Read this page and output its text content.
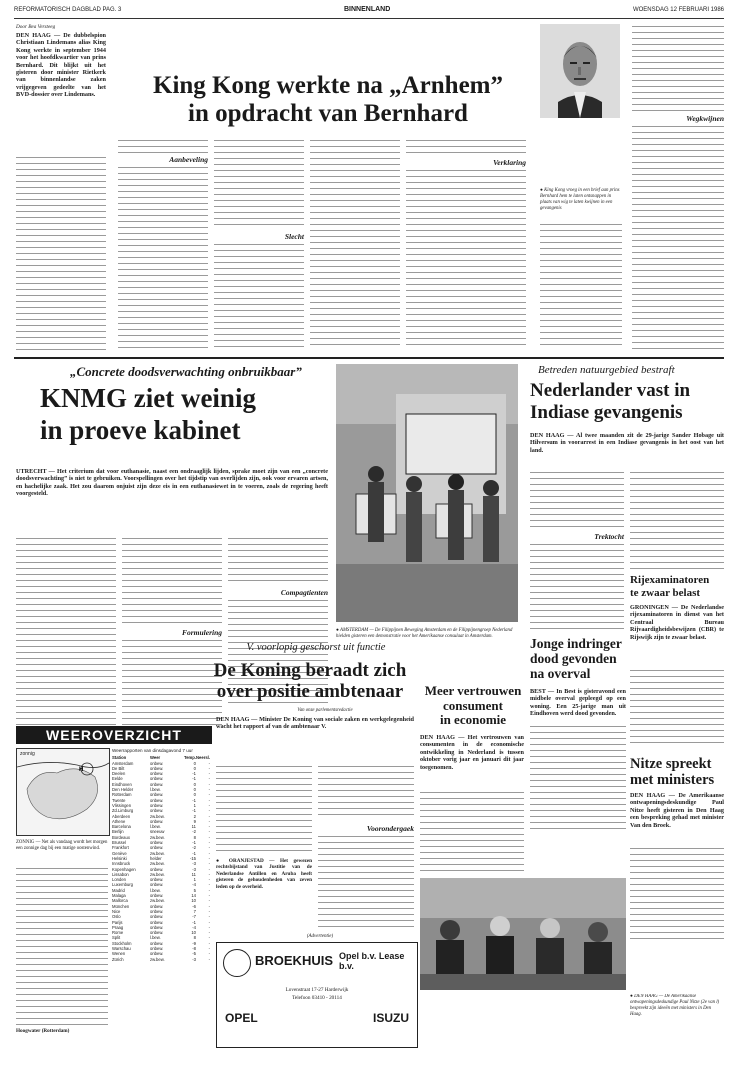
REFORMATORISCH DAGBLAD PAG. 3	BINNENLAND	WOENSDAG 12 FEBRUARI 1986
Door Bea Versteeg
DEN HAAG — De dubbelspion Christiaan Lindemans alias King Kong werkte in september 1944 voor het hoofdkwartier van prins Bernhard. Dit blijkt uit het gisteren door minister Rietkerk van binnenlandse zaken vrijgegeven gedeelte van het BVD-dossier over Lindemans.	King Kong werkte na „Arnhem”
in opdracht van Bernhard
Aanbeveling
Slecht
Verklaring
● King Kong vroeg in een brief aan prins Bernhard hem te laten ontsnappen in plaats van wig te laten kwijnen in een gevangenis
Wegkwijnen
„Concrete doodsverwachting onbruikbaar”
KNMG ziet weinig
in proeve kabinet
UTRECHT — Het criterium dat voor euthanasie, naast een ondraaglijk lijden, sprake moet zijn van een „concrete doodsverwachting” is niet te gebruiken. Voorspellingen over het tijdstip van overlijden zijn, ook voor ervaren artsen, en hachelijke zaak. Het zou daarom onjuist zijn deze eis in een euthanasiewet in te voeren, zoals de regering heeft voorgesteld.
Formulering
Compagtienten
● AMSTERDAM — De Filippijnen Beweging Amsterdam en de Filippijnengroep Nederland hielden gisteren een demonstratie voor het Amerikaanse consulaat in Amsterdam.
Betreden natuurgebied bestraft
Nederlander vast in
Indiase gevangenis
DEN HAAG — Al twee maanden zit de 29-jarige Sander Hobage uit Hilversum in voorarrest in een Indiase gevangenis in het oost van het land.
Trektocht
Rijexaminatoren
te zwaar belast
GRONINGEN — De Nederlandse rijexaminatoren in dienst van het Centraal Bureau Rijvaardigheidsbewijzen (CBR) te Rijswijk zijn te zwaar belast.
Jonge indringer
dood gevonden
na overval
BEST — In Best is gisteravond een midbele overval gepleegd op een woning. Een 25-jarige man uit Eindhoven werd dood gevonden.
Nitze spreekt
met ministers
DEN HAAG — De Amerikaanse ontwapeningsdeskundige Paul Nitze heeft gisteren in Den Haag een bespreking gehad met minister Van den Broek.
● DEN HAAG — De Amerikaanse ontwapeningsdeskundige Paul Nitze (2e van l) bespreekt zijn ideeën met ministers in Den Haag.
V. voorlopig geschorst uit functie
De Koning beraadt zich
over positie ambtenaar
Van onze parlementsredactie
DEN HAAG — Minister De Koning van sociale zaken en werkgelegenheid wacht het rapport af van de ambtenaar V.
● ORANJESTAD — Het gewezen rechtsbijstand van Justitie van de Nederlandse Antillen en Aruba heeft gisteren de gehoudenheden van zeven leden op de overheid.
Voorondergaek
Meer vertrouwen
consument
in economie
DEN HAAG — Het vertrouwen van consumenten in de economische ontwikkeling in Nederland is tussen oktober vorig jaar en januari dit jaar toegenomen.
WEEROVERZICHT
H
zonnig
ZONNIG — Net als vandaag wordt het morgen een zonnige dag bij een matige oostenwind.
Hoogwater (Rotterdam)
Weerrapporten van dinsdagavond 7 uur
Station	Weer	Temp. Neersl.
Amsterdam	onbew.	0	-
De Bilt	onbew.	0	-
Deelen	onbew.	-1	-
Eelde	onbew.	-1	-
Eindhoven	onbew.	0	-
Den Helder	l.bew.	0	-
Rotterdam	onbew.	0	-
Twente	onbew.	-1	-
Vlissingen	onbew.	1	-
Zd.Limburg	onbew.	-1	-
Aberdeen	zw.bew.	2	-
Athene	onbew.	9	-
Barcelona	l.bew.	11	-
Berlijn	sneeuw	-2	-
Bordeaux	zw.bew.	8	-
Brussel	onbew.	-1	-
Frankfort	onbew.	-2	-
Genève	zw.bew.	-1	-
Helsinki	helder	-15	-
Innsbruck	zw.bew.	-3	-
Kopenhagen	onbew.	-3	-
Lissabon	zw.bew.	11	-
Londen	onbew.	1	-
Luxemburg	onbew.	-4	-
Madrid	l.bew.	5	-
Malaga	onbew.	14	-
Mallorca	zw.bew.	10	-
München	onbew.	-6	-
Nice	onbew.	7	-
Oslo	onbew.	-7	-
Parijs	onbew.	-1	-
Praag	onbew.	-4	-
Rome	onbew.	10	-
Split	l.bew.	8	-
Stockholm	onbew.	-9	-
Warschau	onbew.	-8	-
Wenen	onbew.	-5	-
Zürich	zw.bew.	-3	-
(Advertentie)
BROEKHUIS Opel b.v. Lease b.v.
Lovenstraat 17-27 Harderwijk
Telefoon 03410 - 20114
OPEL	ISUZU
